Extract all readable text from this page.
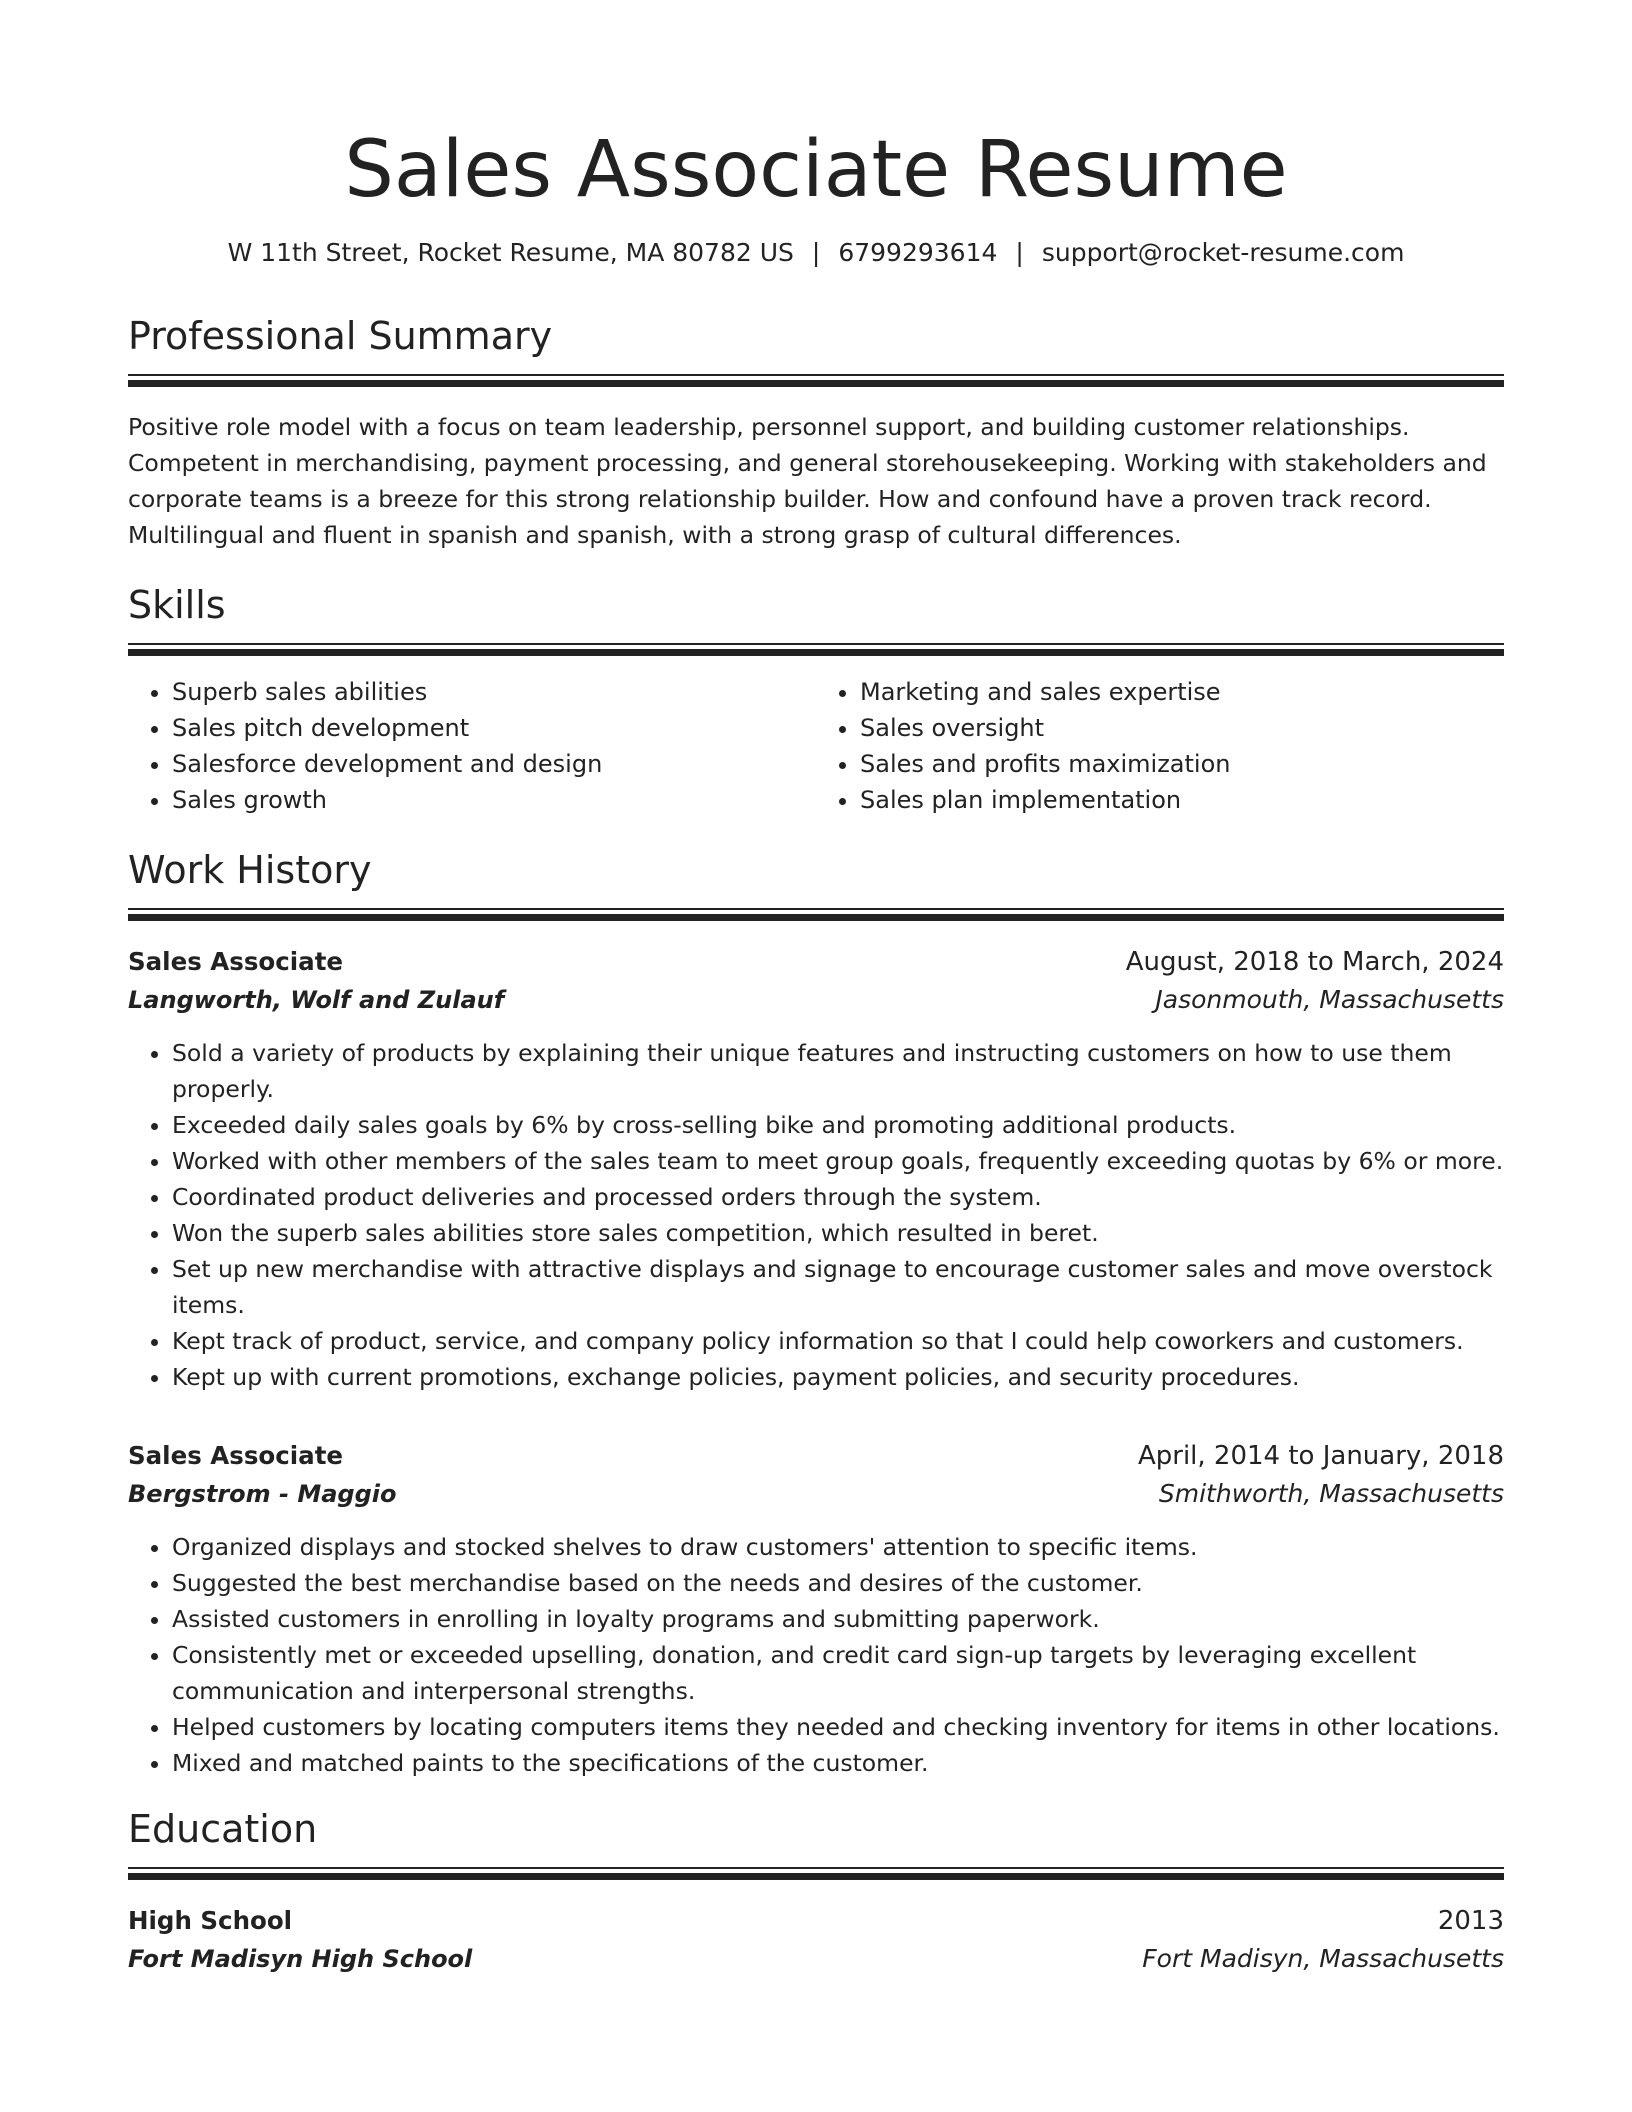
Sales Associate Resume
W 11th Street, Rocket Resume, MA 80782 US | 6799293614 | support@rocket-resume.com
Professional Summary

Positive role model with a focus on team leadership, personnel support, and building customer relationships. Competent in merchandising, payment processing, and general storehousekeeping. Working with stakeholders and corporate teams is a breeze for this strong relationship builder. How and confound have a proven track record. Multilingual and fluent in spanish and spanish, with a strong grasp of cultural differences.

Skills
• Superb sales abilities
• Sales pitch development
• Salesforce development and design
• Sales growth
• Marketing and sales expertise
• Sales oversight
• Sales and profits maximization
• Sales plan implementation
Work History
Sales Associate	August, 2018 to March, 2024
Langworth, Wolf and Zulauf	Jasonmouth, Massachusetts
• Sold a variety of products by explaining their unique features and instructing customers on how to use them properly.
• Exceeded daily sales goals by 6% by cross-selling bike and promoting additional products.
• Worked with other members of the sales team to meet group goals, frequently exceeding quotas by 6% or more.
• Coordinated product deliveries and processed orders through the system.
• Won the superb sales abilities store sales competition, which resulted in beret.
• Set up new merchandise with attractive displays and signage to encourage customer sales and move overstock items.
• Kept track of product, service, and company policy information so that I could help coworkers and customers.
• Kept up with current promotions, exchange policies, payment policies, and security procedures.
Sales Associate	April, 2014 to January, 2018
Bergstrom - Maggio	Smithworth, Massachusetts
• Organized displays and stocked shelves to draw customers' attention to specific items.
• Suggested the best merchandise based on the needs and desires of the customer.
• Assisted customers in enrolling in loyalty programs and submitting paperwork.
• Consistently met or exceeded upselling, donation, and credit card sign-up targets by leveraging excellent communication and interpersonal strengths.
• Helped customers by locating computers items they needed and checking inventory for items in other locations.
• Mixed and matched paints to the specifications of the customer.
Education
High School	2013
Fort Madisyn High School	Fort Madisyn, Massachusetts
